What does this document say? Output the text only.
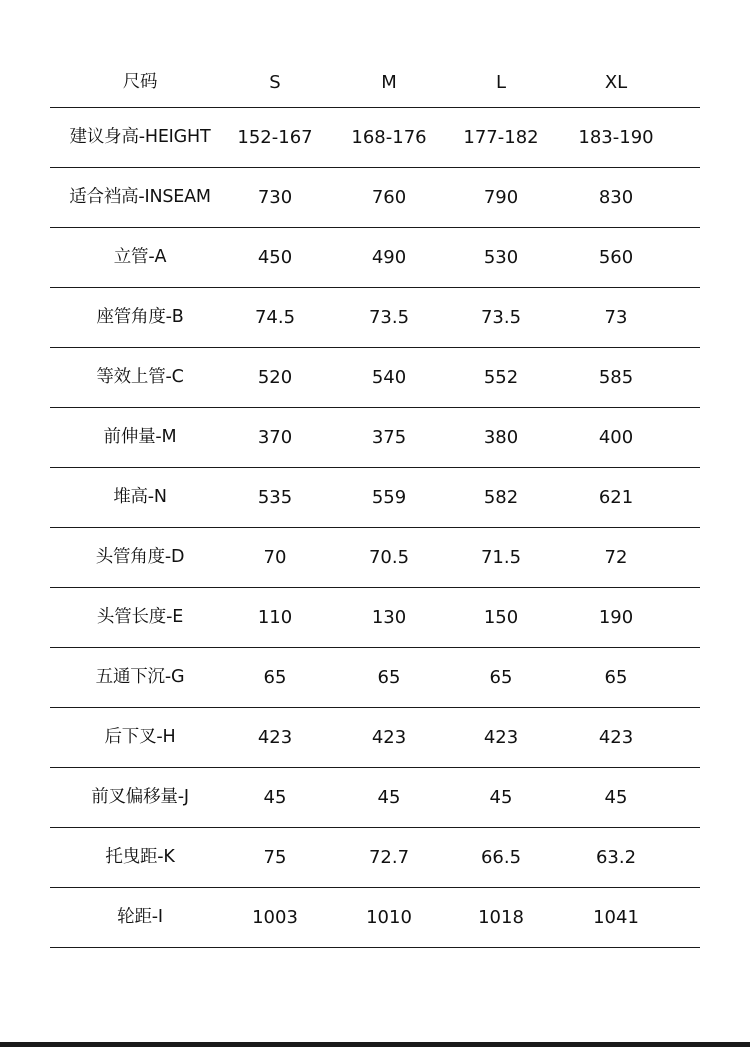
尺码	S	M	L	XL
建议身高-HEIGHT	152-167	168-176	177-182	183-190
适合裆高-INSEAM	730	760	790	830
立管-A	450	490	530	560
座管角度-B	74.5	73.5	73.5	73
等效上管-C	520	540	552	585
前伸量-M	370	375	380	400
堆高-N	535	559	582	621
头管角度-D	70	70.5	71.5	72
头管长度-E	110	130	150	190
五通下沉-G	65	65	65	65
后下叉-H	423	423	423	423
前叉偏移量-J	45	45	45	45
托曳距-K	75	72.7	66.5	63.2
轮距-I	1003	1010	1018	1041
